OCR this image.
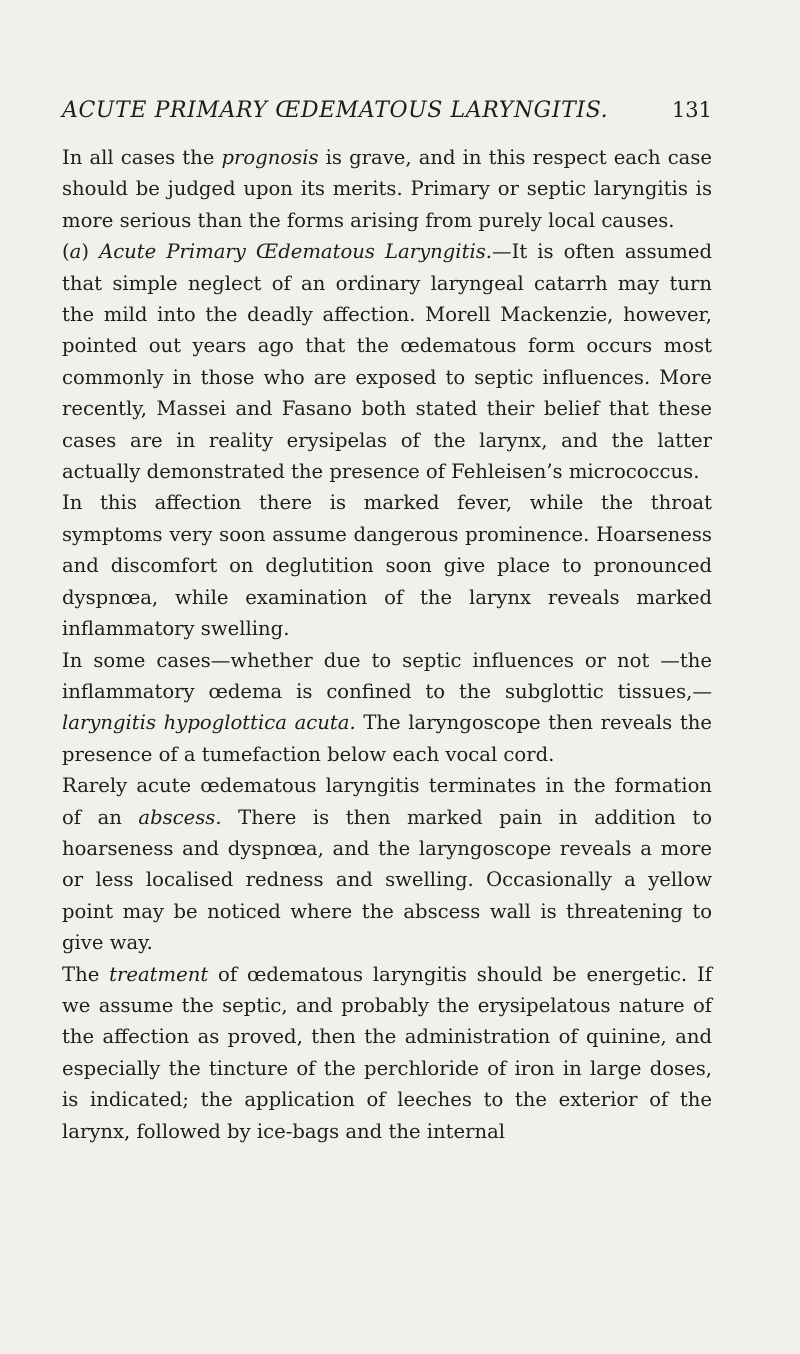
ACUTE PRIMARY ŒDEMATOUS LARYNGITIS.	131

In all cases the prognosis is grave, and in this respect each case should be judged upon its merits. Primary or septic laryngitis is more serious than the forms arising from purely local causes.

(a) Acute Primary Œdematous Laryngitis.—It is often assumed that simple neglect of an ordinary laryngeal catarrh may turn the mild into the deadly affection. Morell Mackenzie, however, pointed out years ago that the œdematous form occurs most commonly in those who are exposed to septic influences. More recently, Massei and Fasano both stated their belief that these cases are in reality erysipelas of the larynx, and the latter actually demonstrated the presence of Fehleisen’s micrococcus.

In this affection there is marked fever, while the throat symptoms very soon assume dangerous prominence. Hoarseness and discomfort on deglutition soon give place to pronounced dyspnœa, while examination of the larynx reveals marked inflammatory swelling.

In some cases—whether due to septic influences or not —the inflammatory œdema is confined to the subglottic tissues,—laryngitis hypoglottica acuta. The laryngoscope then reveals the presence of a tumefaction below each vocal cord.

Rarely acute œdematous laryngitis terminates in the formation of an abscess. There is then marked pain in addition to hoarseness and dyspnœa, and the laryngoscope reveals a more or less localised redness and swelling. Occasionally a yellow point may be noticed where the abscess wall is threatening to give way.

The treatment of œdematous laryngitis should be energetic. If we assume the septic, and probably the erysipelatous nature of the affection as proved, then the administration of quinine, and especially the tincture of the perchloride of iron in large doses, is indicated; the application of leeches to the exterior of the larynx, followed by ice-bags and the internal
